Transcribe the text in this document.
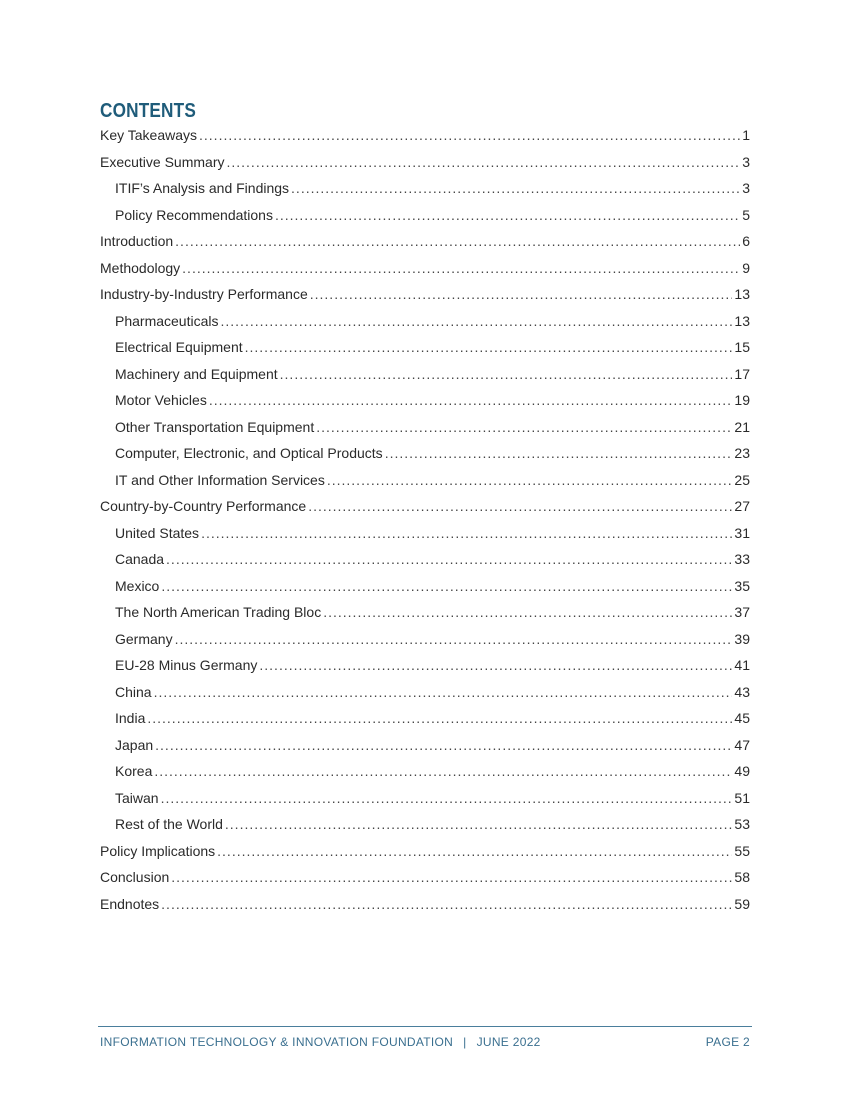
CONTENTS
Key Takeaways .....	1
Executive Summary .....	3
ITIF’s Analysis and Findings .....	3
Policy Recommendations .....	5
Introduction .....	6
Methodology .....	9
Industry-by-Industry Performance .....	13
Pharmaceuticals .....	13
Electrical Equipment .....	15
Machinery and Equipment .....	17
Motor Vehicles .....	19
Other Transportation Equipment .....	21
Computer, Electronic, and Optical Products .....	23
IT and Other Information Services .....	25
Country-by-Country Performance .....	27
United States .....	31
Canada .....	33
Mexico .....	35
The North American Trading Bloc .....	37
Germany .....	39
EU-28 Minus Germany .....	41
China .....	43
India .....	45
Japan .....	47
Korea .....	49
Taiwan .....	51
Rest of the World .....	53
Policy Implications .....	55
Conclusion .....	58
Endnotes .....	59
INFORMATION TECHNOLOGY & INNOVATION FOUNDATION | JUNE 2022	PAGE 2
